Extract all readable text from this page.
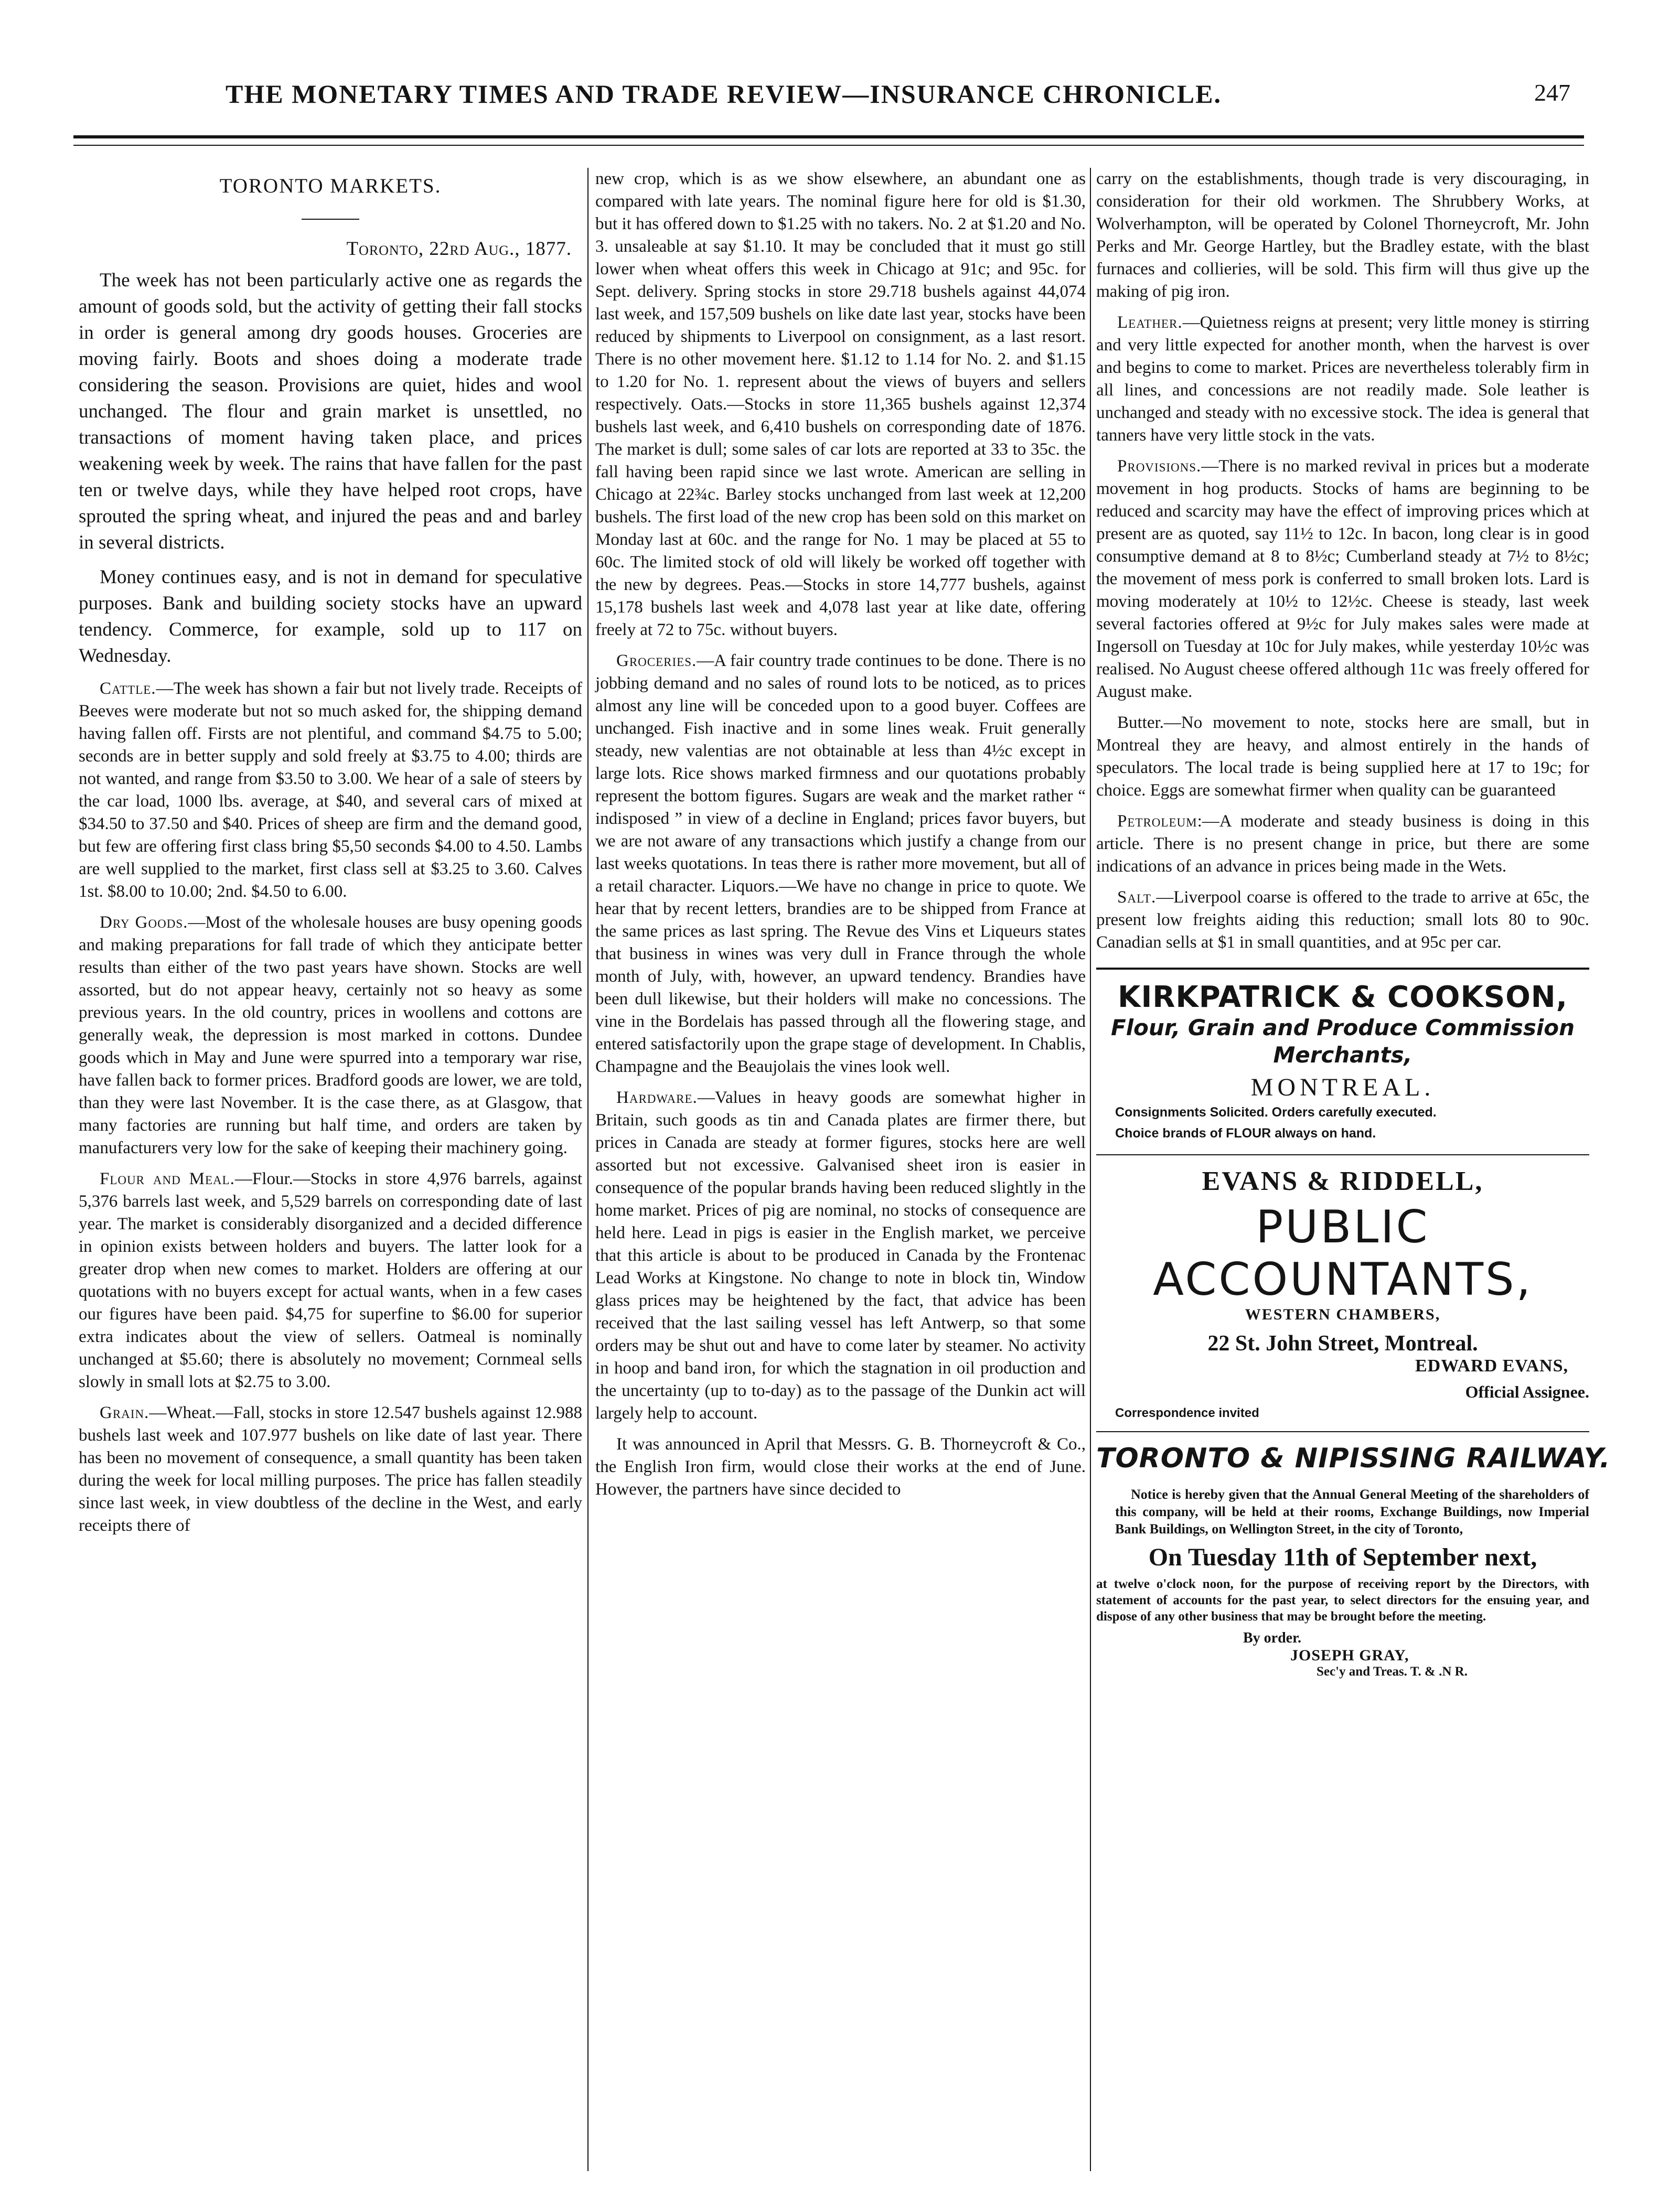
THE MONETARY TIMES AND TRADE REVIEW—INSURANCE CHRONICLE.	247
TORONTO MARKETS.
Toronto, 22rd Aug., 1877.

The week has not been particularly active one as regards the amount of goods sold, but the activity of getting their fall stocks in order is general among dry goods houses. Groceries are moving fairly. Boots and shoes doing a moderate trade considering the season. Provisions are quiet, hides and wool unchanged. The flour and grain market is unsettled, no transactions of moment having taken place, and prices weakening week by week. The rains that have fallen for the past ten or twelve days, while they have helped root crops, have sprouted the spring wheat, and injured the peas and and barley in several districts.

Money continues easy, and is not in demand for speculative purposes. Bank and building society stocks have an upward tendency. Commerce, for example, sold up to 117 on Wednesday.

Cattle.—The week has shown a fair but not lively trade. Receipts of Beeves were moderate but not so much asked for, the shipping demand having fallen off. Firsts are not plentiful, and command $4.75 to 5.00; seconds are in better supply and sold freely at $3.75 to 4.00; thirds are not wanted, and range from $3.50 to 3.00. We hear of a sale of steers by the car load, 1000 lbs. average, at $40, and several cars of mixed at $34.50 to 37.50 and $40. Prices of sheep are firm and the demand good, but few are offering first class bring $5,50 seconds $4.00 to 4.50. Lambs are well supplied to the market, first class sell at $3.25 to 3.60. Calves 1st. $8.00 to 10.00; 2nd. $4.50 to 6.00.

Dry Goods.—Most of the wholesale houses are busy opening goods and making preparations for fall trade of which they anticipate better results than either of the two past years have shown. Stocks are well assorted, but do not appear heavy, certainly not so heavy as some previous years. In the old country, prices in woollens and cottons are generally weak, the depression is most marked in cottons. Dundee goods which in May and June were spurred into a temporary war rise, have fallen back to former prices. Bradford goods are lower, we are told, than they were last November. It is the case there, as at Glasgow, that many factories are running but half time, and orders are taken by manufacturers very low for the sake of keeping their machinery going.

Flour and Meal.—Flour.—Stocks in store 4,976 barrels, against 5,376 barrels last week, and 5,529 barrels on corresponding date of last year. The market is considerably disorganized and a decided difference in opinion exists between holders and buyers. The latter look for a greater drop when new comes to market. Holders are offering at our quotations with no buyers except for actual wants, when in a few cases our figures have been paid. $4,75 for superfine to $6.00 for superior extra indicates about the view of sellers. Oatmeal is nominally unchanged at $5.60; there is absolutely no movement; Cornmeal sells slowly in small lots at $2.75 to 3.00.

Grain.—Wheat.—Fall, stocks in store 12.547 bushels against 12.988 bushels last week and 107.977 bushels on like date of last year. There has been no movement of consequence, a small quantity has been taken during the week for local milling purposes. The price has fallen steadily since last week, in view doubtless of the decline in the West, and early receipts there of

new crop, which is as we show elsewhere, an abundant one as compared with late years. The nominal figure here for old is $1.30, but it has offered down to $1.25 with no takers. No. 2 at $1.20 and No. 3. unsaleable at say $1.10. It may be concluded that it must go still lower when wheat offers this week in Chicago at 91c; and 95c. for Sept. delivery. Spring stocks in store 29.718 bushels against 44,074 last week, and 157,509 bushels on like date last year, stocks have been reduced by shipments to Liverpool on consignment, as a last resort. There is no other movement here. $1.12 to 1.14 for No. 2. and $1.15 to 1.20 for No. 1. represent about the views of buyers and sellers respectively. Oats.—Stocks in store 11,365 bushels against 12,374 bushels last week, and 6,410 bushels on corresponding date of 1876. The market is dull; some sales of car lots are reported at 33 to 35c. the fall having been rapid since we last wrote. American are selling in Chicago at 22¾c. Barley stocks unchanged from last week at 12,200 bushels. The first load of the new crop has been sold on this market on Monday last at 60c. and the range for No. 1 may be placed at 55 to 60c. The limited stock of old will likely be worked off together with the new by degrees. Peas.—Stocks in store 14,777 bushels, against 15,178 bushels last week and 4,078 last year at like date, offering freely at 72 to 75c. without buyers.

Groceries.—A fair country trade continues to be done. There is no jobbing demand and no sales of round lots to be noticed, as to prices almost any line will be conceded upon to a good buyer. Coffees are unchanged. Fish inactive and in some lines weak. Fruit generally steady, new valentias are not obtainable at less than 4½c except in large lots. Rice shows marked firmness and our quotations probably represent the bottom figures. Sugars are weak and the market rather “ indisposed ” in view of a decline in England; prices favor buyers, but we are not aware of any transactions which justify a change from our last weeks quotations. In teas there is rather more movement, but all of a retail character. Liquors.—We have no change in price to quote. We hear that by recent letters, brandies are to be shipped from France at the same prices as last spring. The Revue des Vins et Liqueurs states that business in wines was very dull in France through the whole month of July, with, however, an upward tendency. Brandies have been dull likewise, but their holders will make no concessions. The vine in the Bordelais has passed through all the flowering stage, and entered satisfactorily upon the grape stage of development. In Chablis, Champagne and the Beaujolais the vines look well.

Hardware.—Values in heavy goods are somewhat higher in Britain, such goods as tin and Canada plates are firmer there, but prices in Canada are steady at former figures, stocks here are well assorted but not excessive. Galvanised sheet iron is easier in consequence of the popular brands having been reduced slightly in the home market. Prices of pig are nominal, no stocks of consequence are held here. Lead in pigs is easier in the English market, we perceive that this article is about to be produced in Canada by the Frontenac Lead Works at Kingstone. No change to note in block tin, Window glass prices may be heightened by the fact, that advice has been received that the last sailing vessel has left Antwerp, so that some orders may be shut out and have to come later by steamer. No activity in hoop and band iron, for which the stagnation in oil production and the uncertainty (up to to-day) as to the passage of the Dunkin act will largely help to account.

It was announced in April that Messrs. G. B. Thorneycroft & Co., the English Iron firm, would close their works at the end of June. However, the partners have since decided to

carry on the establishments, though trade is very discouraging, in consideration for their old workmen. The Shrubbery Works, at Wolverhampton, will be operated by Colonel Thorneycroft, Mr. John Perks and Mr. George Hartley, but the Bradley estate, with the blast furnaces and collieries, will be sold. This firm will thus give up the making of pig iron.

Leather.—Quietness reigns at present; very little money is stirring and very little expected for another month, when the harvest is over and begins to come to market. Prices are nevertheless tolerably firm in all lines, and concessions are not readily made. Sole leather is unchanged and steady with no excessive stock. The idea is general that tanners have very little stock in the vats.

Provisions.—There is no marked revival in prices but a moderate movement in hog products. Stocks of hams are beginning to be reduced and scarcity may have the effect of improving prices which at present are as quoted, say 11½ to 12c. In bacon, long clear is in good consumptive demand at 8 to 8½c; Cumberland steady at 7½ to 8½c; the movement of mess pork is conferred to small broken lots. Lard is moving moderately at 10½ to 12½c. Cheese is steady, last week several factories offered at 9½c for July makes sales were made at Ingersoll on Tuesday at 10c for July makes, while yesterday 10½c was realised. No August cheese offered although 11c was freely offered for August make.

Butter.—No movement to note, stocks here are small, but in Montreal they are heavy, and almost entirely in the hands of speculators. The local trade is being supplied here at 17 to 19c; for choice. Eggs are somewhat firmer when quality can be guaranteed

Petroleum:—A moderate and steady business is doing in this article. There is no present change in price, but there are some indications of an advance in prices being made in the Wets.

Salt.—Liverpool coarse is offered to the trade to arrive at 65c, the present low freights aiding this reduction; small lots 80 to 90c. Canadian sells at $1 in small quantities, and at 95c per car.

KIRKPATRICK & COOKSON,
Flour, Grain and Produce Commission
Merchants,
MONTREAL.
Consignments Solicited. Orders carefully executed.
Choice brands of FLOUR always on hand.
EVANS & RIDDELL,
PUBLIC ACCOUNTANTS,
WESTERN CHAMBERS,
22 St. John Street, Montreal.
EDWARD EVANS,
Official Assignee.
Correspondence invited
TORONTO & NIPISSING RAILWAY.
Notice is hereby given that the Annual General Meeting of the shareholders of this company, will be held at their rooms, Exchange Buildings, now Imperial Bank Buildings, on Wellington Street, in the city of Toronto,
On Tuesday 11th of September next,
at twelve o'clock noon, for the purpose of receiving report by the Directors, with statement of accounts for the past year, to select directors for the ensuing year, and dispose of any other business that may be brought before the meeting.
By order.
JOSEPH GRAY,
Sec'y and Treas. T. & .N R.
